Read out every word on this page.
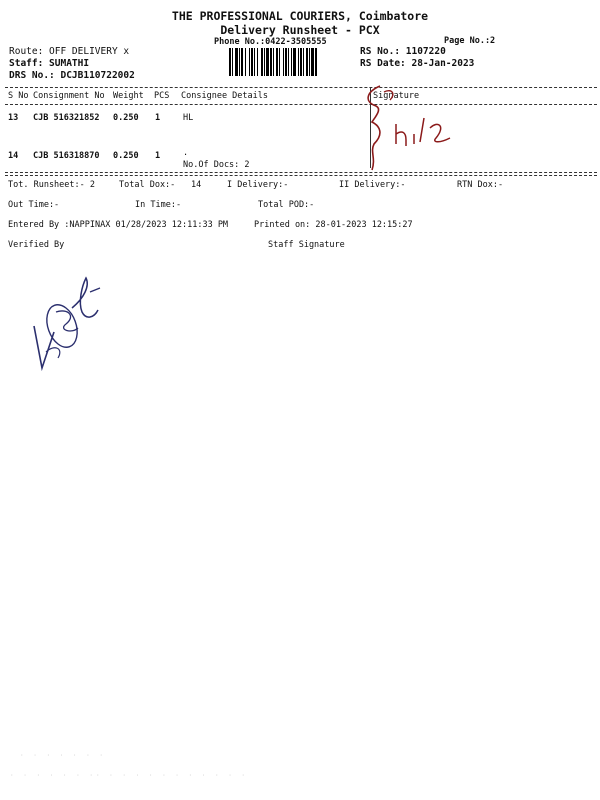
THE PROFESSIONAL COURIERS, Coimbatore
Delivery Runsheet - PCX
Phone No.:0422-3505555	Page No.:2
Route: OFF DELIVERY x
Staff: SUMATHI
DRS No.: DCJB110722002
RS No.: 1107220
RS Date: 28-Jan-2023
S No Consignment No Weight PCS Consignee Details	Signature
13 CJB 516321852 0.250 1	HL
14 CJB 516318870 0.250 1	.
No.Of Docs: 2
Tot. Runsheet:- 2	Total Dox:- 14	I Delivery:-	II Delivery:-	RTN Dox:-
Out Time:-	In Time:-	Total POD:-
Entered By :NAPPINAX 01/28/2023 12:11:33 PM	Printed on: 28-01-2023 12:15:27
Verified By	Staff Signature
· · · · · · ·
· · · · · · ·· · · · · · · · · · · ·
